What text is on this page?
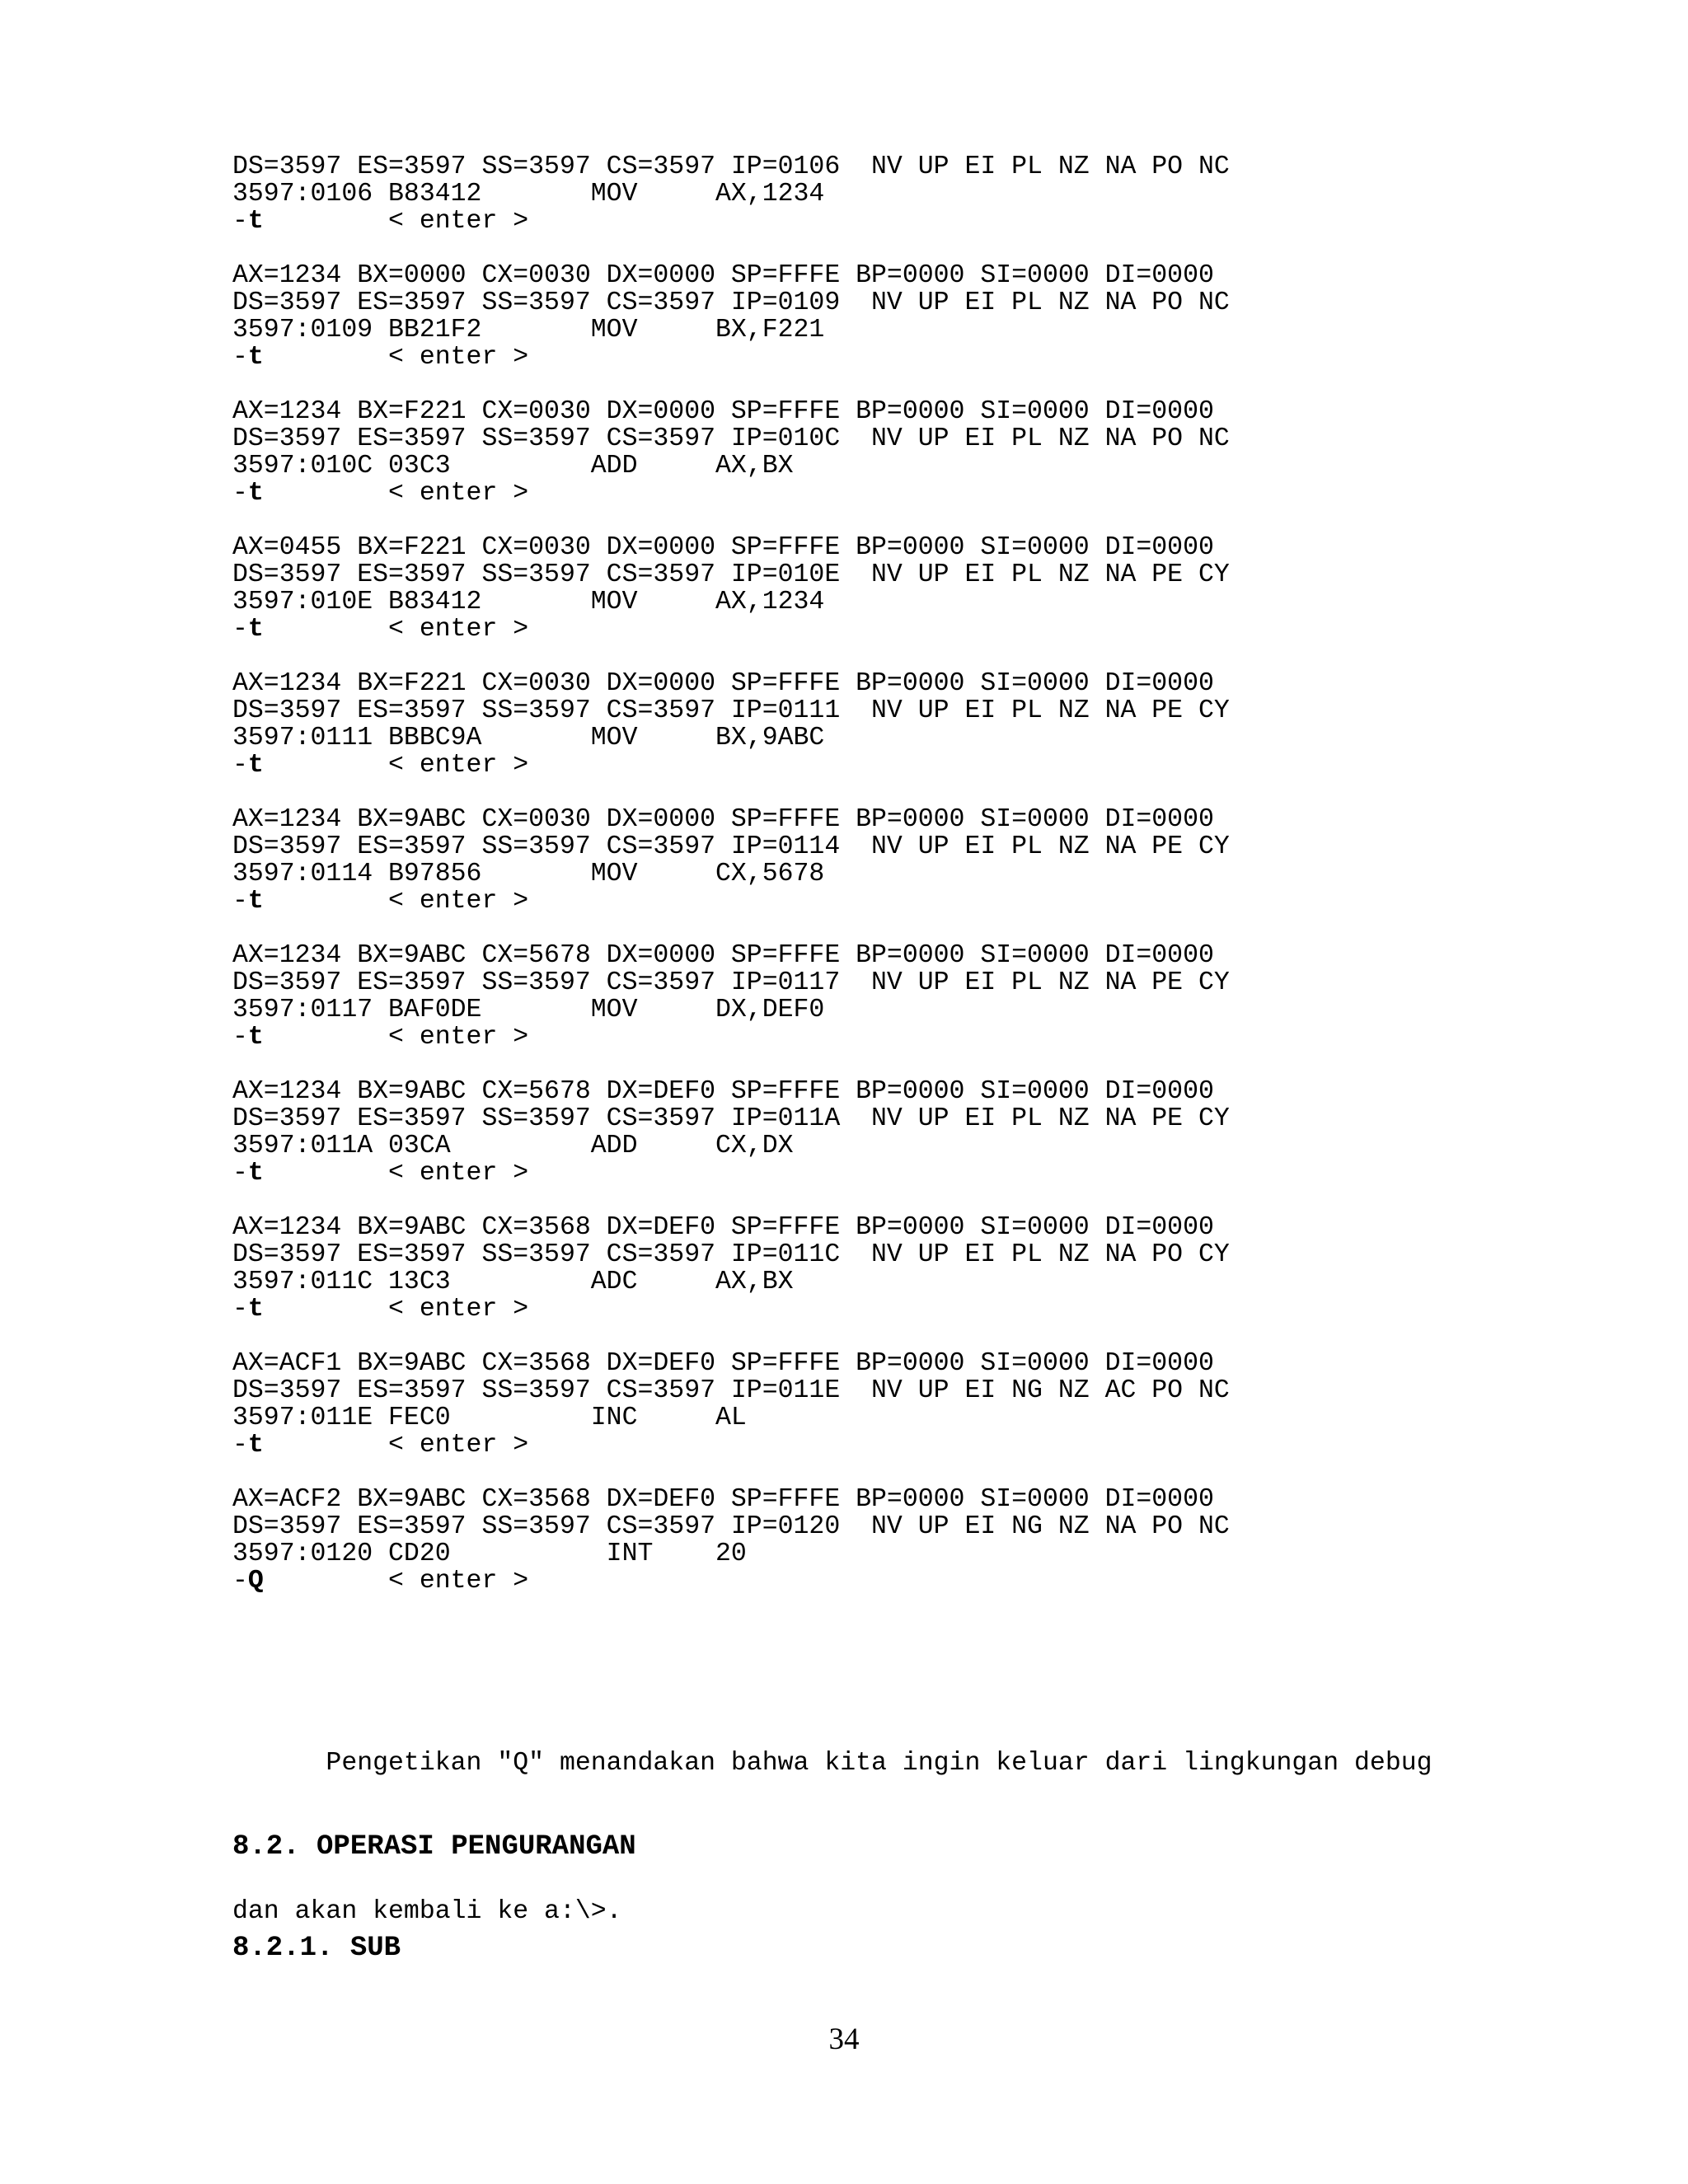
DS=3597 ES=3597 SS=3597 CS=3597 IP=0106  NV UP EI PL NZ NA PO NC
3597:0106 B83412       MOV     AX,1234
-t        < enter >
AX=1234 BX=0000 CX=0030 DX=0000 SP=FFFE BP=0000 SI=0000 DI=0000
DS=3597 ES=3597 SS=3597 CS=3597 IP=0109  NV UP EI PL NZ NA PO NC
3597:0109 BB21F2       MOV     BX,F221
-t        < enter >
AX=1234 BX=F221 CX=0030 DX=0000 SP=FFFE BP=0000 SI=0000 DI=0000
DS=3597 ES=3597 SS=3597 CS=3597 IP=010C  NV UP EI PL NZ NA PO NC
3597:010C 03C3         ADD     AX,BX
-t        < enter >
AX=0455 BX=F221 CX=0030 DX=0000 SP=FFFE BP=0000 SI=0000 DI=0000
DS=3597 ES=3597 SS=3597 CS=3597 IP=010E  NV UP EI PL NZ NA PE CY
3597:010E B83412       MOV     AX,1234
-t        < enter >
AX=1234 BX=F221 CX=0030 DX=0000 SP=FFFE BP=0000 SI=0000 DI=0000
DS=3597 ES=3597 SS=3597 CS=3597 IP=0111  NV UP EI PL NZ NA PE CY
3597:0111 BBBC9A       MOV     BX,9ABC
-t        < enter >
AX=1234 BX=9ABC CX=0030 DX=0000 SP=FFFE BP=0000 SI=0000 DI=0000
DS=3597 ES=3597 SS=3597 CS=3597 IP=0114  NV UP EI PL NZ NA PE CY
3597:0114 B97856       MOV     CX,5678
-t        < enter >
AX=1234 BX=9ABC CX=5678 DX=0000 SP=FFFE BP=0000 SI=0000 DI=0000
DS=3597 ES=3597 SS=3597 CS=3597 IP=0117  NV UP EI PL NZ NA PE CY
3597:0117 BAF0DE       MOV     DX,DEF0
-t        < enter >
AX=1234 BX=9ABC CX=5678 DX=DEF0 SP=FFFE BP=0000 SI=0000 DI=0000
DS=3597 ES=3597 SS=3597 CS=3597 IP=011A  NV UP EI PL NZ NA PE CY
3597:011A 03CA         ADD     CX,DX
-t        < enter >
AX=1234 BX=9ABC CX=3568 DX=DEF0 SP=FFFE BP=0000 SI=0000 DI=0000
DS=3597 ES=3597 SS=3597 CS=3597 IP=011C  NV UP EI PL NZ NA PO CY
3597:011C 13C3         ADC     AX,BX
-t        < enter >
AX=ACF1 BX=9ABC CX=3568 DX=DEF0 SP=FFFE BP=0000 SI=0000 DI=0000
DS=3597 ES=3597 SS=3597 CS=3597 IP=011E  NV UP EI NG NZ AC PO NC
3597:011E FEC0         INC     AL
-t        < enter >
AX=ACF2 BX=9ABC CX=3568 DX=DEF0 SP=FFFE BP=0000 SI=0000 DI=0000
DS=3597 ES=3597 SS=3597 CS=3597 IP=0120  NV UP EI NG NZ NA PO NC
3597:0120 CD20          INT    20
-Q        < enter >

Pengetikan "Q" menandakan bahwa kita ingin keluar dari lingkungan debug

dan akan kembali ke a:\>.

8.2. OPERASI PENGURANGAN
8.2.1. SUB
34
